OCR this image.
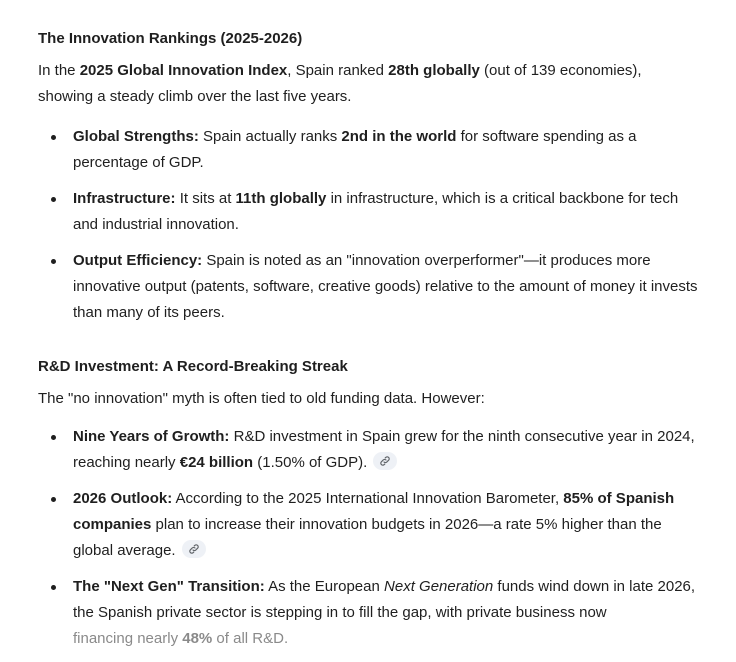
The Innovation Rankings (2025-2026)

In the 2025 Global Innovation Index, Spain ranked 28th globally (out of 139 economies), showing a steady climb over the last five years.

Global Strengths: Spain actually ranks 2nd in the world for software spending as a percentage of GDP.
Infrastructure: It sits at 11th globally in infrastructure, which is a critical backbone for tech and industrial innovation.
Output Efficiency: Spain is noted as an "innovation overperformer"—it produces more innovative output (patents, software, creative goods) relative to the amount of money it invests than many of its peers.
R&D Investment: A Record-Breaking Streak

The "no innovation" myth is often tied to old funding data. However:

Nine Years of Growth: R&D investment in Spain grew for the ninth consecutive year in 2024, reaching nearly €24 billion (1.50% of GDP).
2026 Outlook: According to the 2025 International Innovation Barometer, 85% of Spanish companies plan to increase their innovation budgets in 2026—a rate 5% higher than the global average.
The "Next Gen" Transition: As the European Next Generation funds wind down in late 2026, the Spanish private sector is stepping in to fill the gap, with private business now
financing nearly 48% of all R&D.
